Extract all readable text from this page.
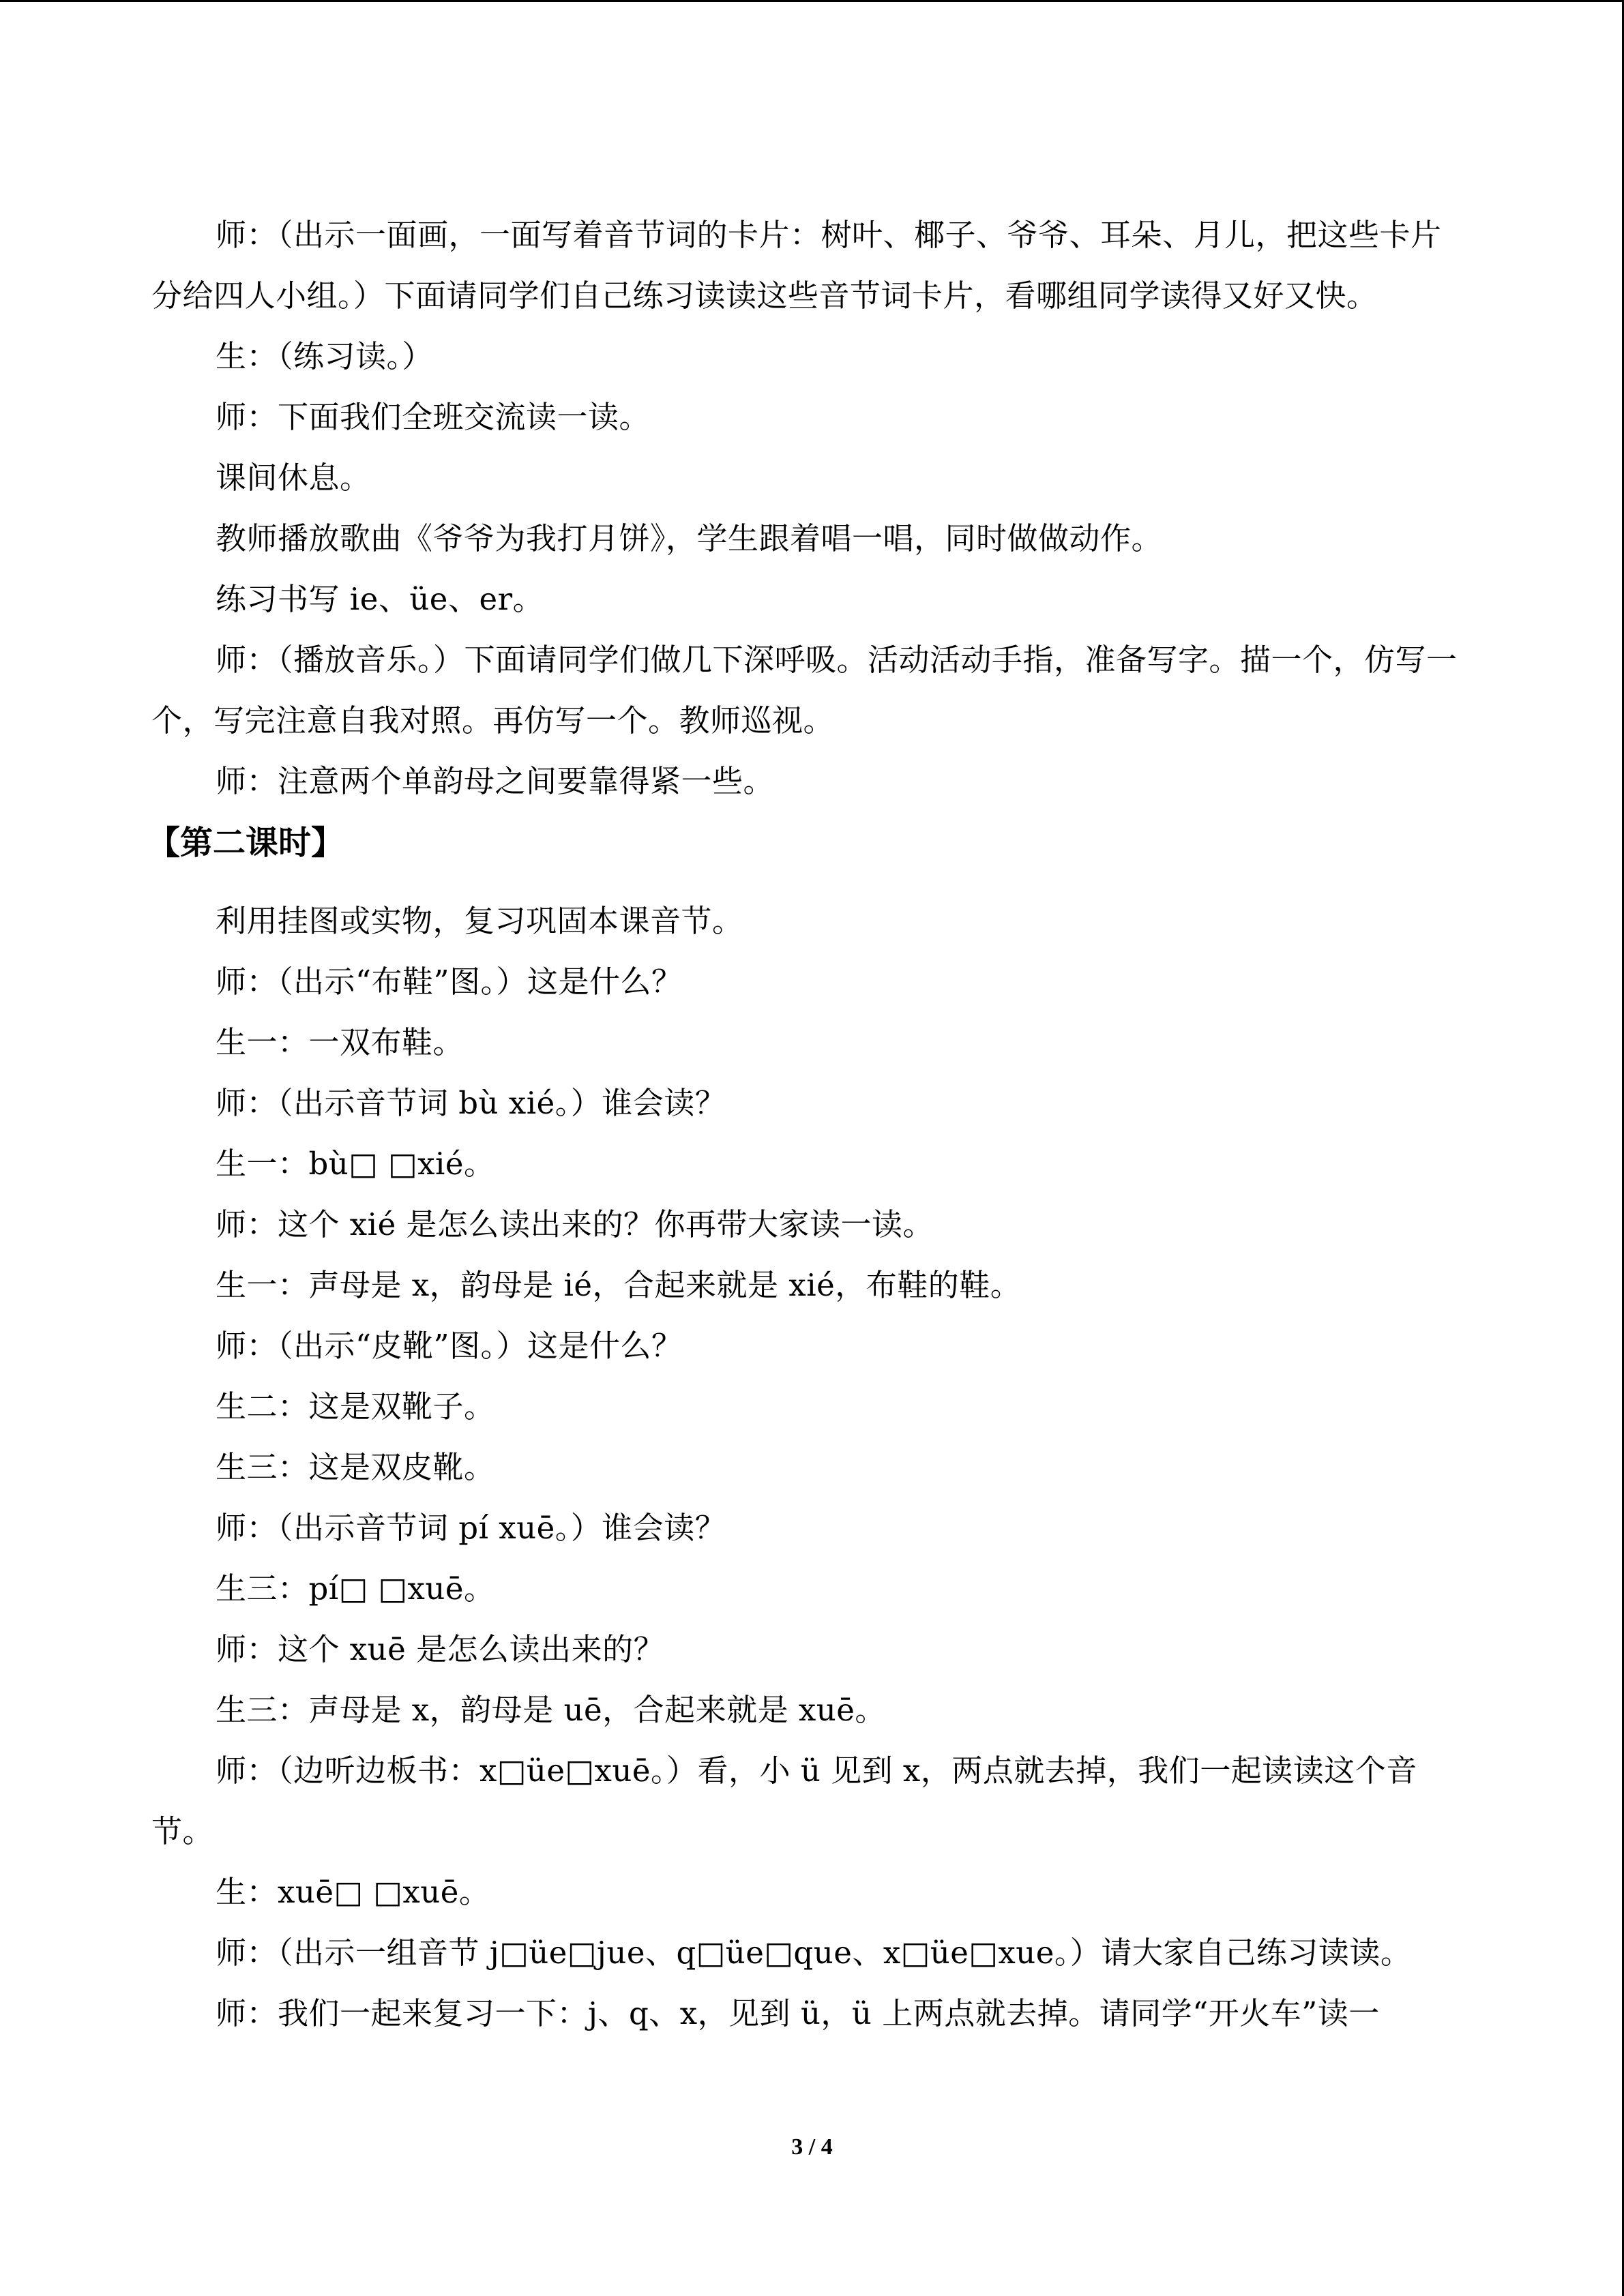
师：（出示一面画，一面写着音节词的卡片：树叶、椰子、爷爷、耳朵、月儿，把这些卡片分给四人小组。）下面请同学们自己练习读读这些音节词卡片，看哪组同学读得又好又快。

生：（练习读。）

师：下面我们全班交流读一读。

课间休息。

教师播放歌曲《爷爷为我打月饼》，学生跟着唱一唱，同时做做动作。

练习书写 ie、üe、er。

师：（播放音乐。）下面请同学们做几下深呼吸。活动活动手指，准备写字。描一个，仿写一个，写完注意自我对照。再仿写一个。教师巡视。

师：注意两个单韵母之间要靠得紧一些。

【第二课时】

利用挂图或实物，复习巩固本课音节。

师：（出示“布鞋”图。）这是什么？

生一：一双布鞋。

师：（出示音节词 bù xié。）谁会读？

生一：bù□ □xié。

师：这个 xié 是怎么读出来的？你再带大家读一读。

生一：声母是 x，韵母是 ié，合起来就是 xié，布鞋的鞋。

师：（出示“皮靴”图。）这是什么？

生二：这是双靴子。

生三：这是双皮靴。

师：（出示音节词 pí xuē。）谁会读？

生三：pí□ □xuē。

师：这个 xuē 是怎么读出来的？

生三：声母是 x，韵母是 uē，合起来就是 xuē。

师：（边听边板书：x□üe□xuē。）看，小 ü 见到 x，两点就去掉，我们一起读读这个音节。

生：xuē□ □xuē。

师：（出示一组音节 j□üe□jue、q□üe□que、x□üe□xue。）请大家自己练习读读。

师：我们一起来复习一下：j、q、x，见到 ü，ü 上两点就去掉。请同学“开火车”读一

3 / 4
